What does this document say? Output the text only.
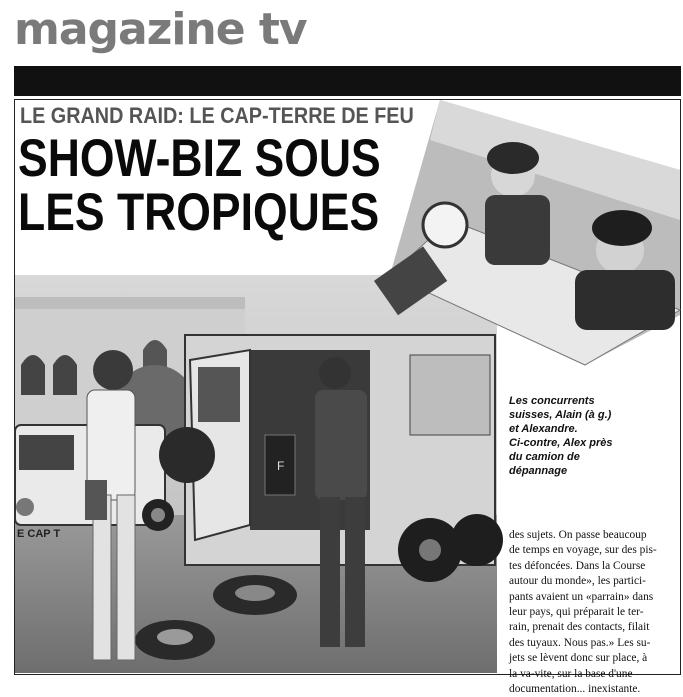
magazine tv
LE GRAND RAID: LE CAP-TERRE DE FEU
SHOW-BIZ SOUS
LES TROPIQUES
F
E CAP T
Les concurrents
suisses, Alain (à g.)
et Alexandre.
Ci-contre, Alex près
du camion de
dépannage
des sujets. On passe beaucoup
de temps en voyage, sur des pis-
tes défoncées. Dans la Course
autour du monde», les partici-
pants avaient un «parrain» dans
leur pays, qui préparait le ter-
rain, prenait des contacts, filait
des tuyaux. Nous pas.» Les su-
jets se lèvent donc sur place, à
la va-vite, sur la base d'une
documentation... inexistante.
